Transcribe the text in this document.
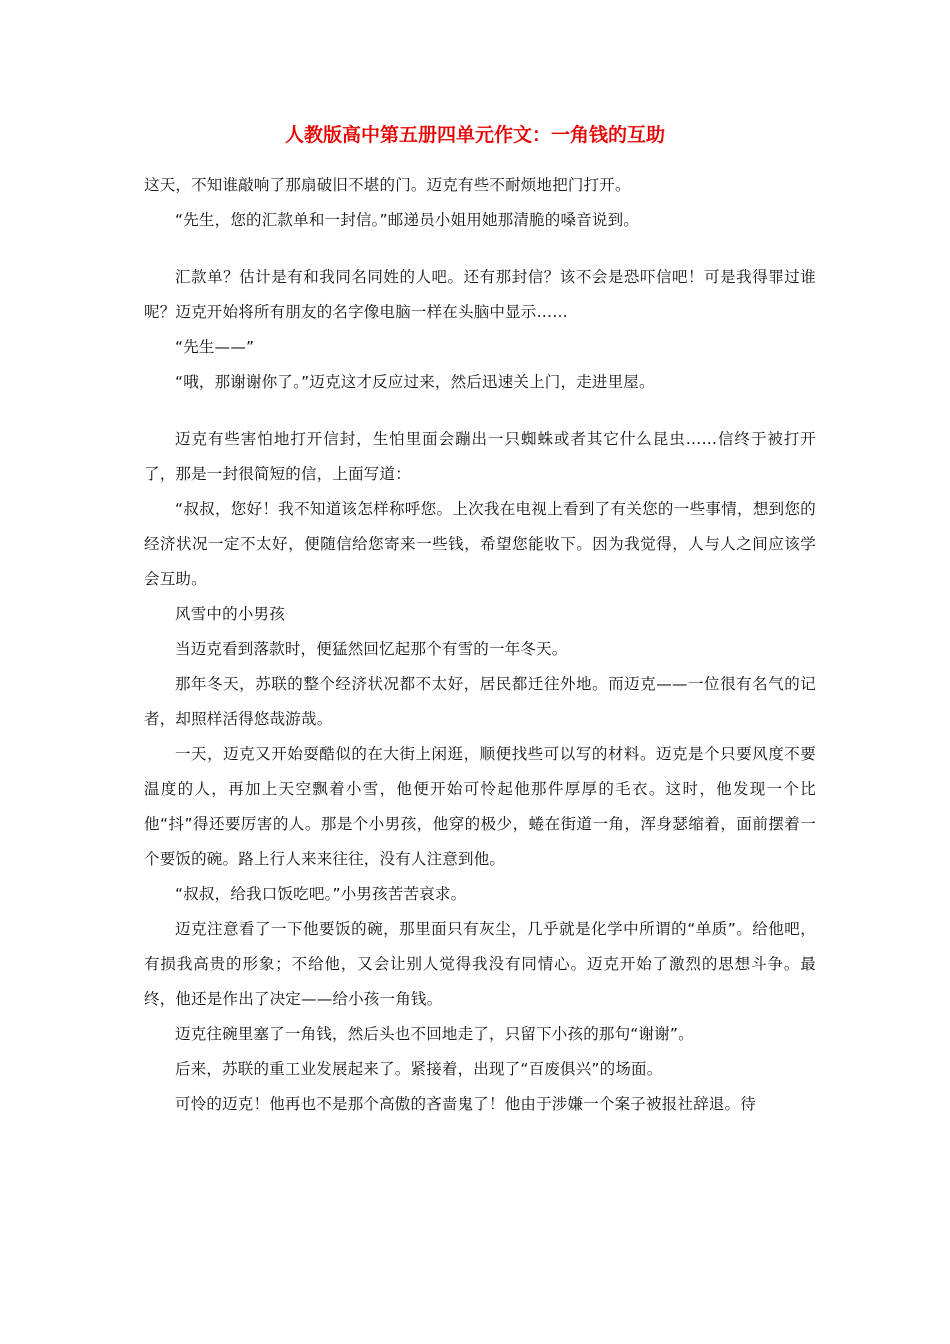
人教版高中第五册四单元作文：一角钱的互助

这天，不知谁敲响了那扇破旧不堪的门。迈克有些不耐烦地把门打开。

“先生，您的汇款单和一封信。”邮递员小姐用她那清脆的嗓音说到。

汇款单？估计是有和我同名同姓的人吧。还有那封信？该不会是恐吓信吧！可是我得罪过谁呢？迈克开始将所有朋友的名字像电脑一样在头脑中显示……

“先生——”

“哦，那谢谢你了。”迈克这才反应过来，然后迅速关上门，走进里屋。

迈克有些害怕地打开信封，生怕里面会蹦出一只蜘蛛或者其它什么昆虫……信终于被打开了，那是一封很简短的信，上面写道：

“叔叔，您好！我不知道该怎样称呼您。上次我在电视上看到了有关您的一些事情，想到您的经济状况一定不太好，便随信给您寄来一些钱，希望您能收下。因为我觉得，人与人之间应该学会互助。

风雪中的小男孩

当迈克看到落款时，便猛然回忆起那个有雪的一年冬天。

那年冬天，苏联的整个经济状况都不太好，居民都迁往外地。而迈克——一位很有名气的记者，却照样活得悠哉游哉。

一天，迈克又开始耍酷似的在大街上闲逛，顺便找些可以写的材料。迈克是个只要风度不要温度的人，再加上天空飘着小雪，他便开始可怜起他那件厚厚的毛衣。这时，他发现一个比他“抖”得还要厉害的人。那是个小男孩，他穿的极少，蜷在街道一角，浑身瑟缩着，面前摆着一个要饭的碗。路上行人来来往往，没有人注意到他。

“叔叔，给我口饭吃吧。”小男孩苦苦哀求。

迈克注意看了一下他要饭的碗，那里面只有灰尘，几乎就是化学中所谓的“单质”。给他吧，有损我高贵的形象；不给他，又会让别人觉得我没有同情心。迈克开始了激烈的思想斗争。最终，他还是作出了决定——给小孩一角钱。

迈克往碗里塞了一角钱，然后头也不回地走了，只留下小孩的那句“谢谢”。

后来，苏联的重工业发展起来了。紧接着，出现了“百废俱兴”的场面。

可怜的迈克！他再也不是那个高傲的吝啬鬼了！他由于涉嫌一个案子被报社辞退。待
